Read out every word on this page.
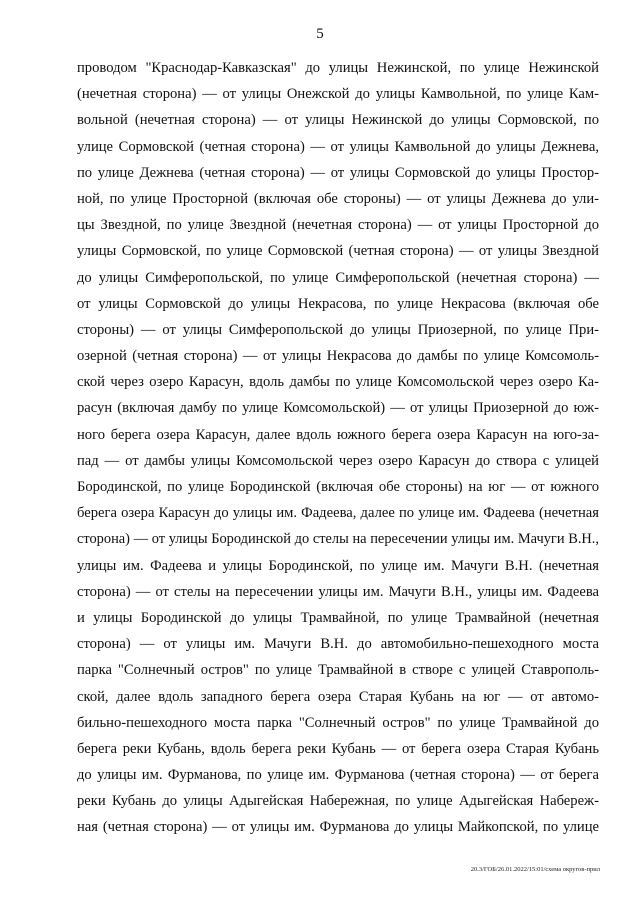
5
проводом "Краснодар-Кавказская" до улицы Нежинской, по улице Нежинской
(нечетная сторона) — от улицы Онежской до улицы Камвольной, по улице Кам-
вольной (нечетная сторона) — от улицы Нежинской до улицы Сормовской, по
улице Сормовской (четная сторона) — от улицы Камвольной до улицы Дежнева,
по улице Дежнева (четная сторона) — от улицы Сормовской до улицы Простор-
ной, по улице Просторной (включая обе стороны) — от улицы Дежнева до ули-
цы Звездной, по улице Звездной (нечетная сторона) — от улицы Просторной до
улицы Сормовской, по улице Сормовской (четная сторона) — от улицы Звездной
до улицы Симферопольской, по улице Симферопольской (нечетная сторона) —
от улицы Сормовской до улицы Некрасова, по улице Некрасова (включая обе
стороны) — от улицы Симферопольской до улицы Приозерной, по улице При-
озерной (четная сторона) — от улицы Некрасова до дамбы по улице Комсомоль-
ской через озеро Карасун, вдоль дамбы по улице Комсомольской через озеро Ка-
расун (включая дамбу по улице Комсомольской) — от улицы Приозерной до юж-
ного берега озера Карасун, далее вдоль южного берега озера Карасун на юго-за-
пад — от дамбы улицы Комсомольской через озеро Карасун до створа с улицей
Бородинской, по улице Бородинской (включая обе стороны) на юг — от южного
берега озера Карасун до улицы им. Фадеева, далее по улице им. Фадеева (нечетная
сторона) — от улицы Бородинской до стелы на пересечении улицы им. Мачуги В.Н.,
улицы им. Фадеева и улицы Бородинской, по улице им. Мачуги В.Н. (нечетная
сторона) — от стелы на пересечении улицы им. Мачуги В.Н., улицы им. Фадеева
и улицы Бородинской до улицы Трамвайной, по улице Трамвайной (нечетная
сторона) — от улицы им. Мачуги В.Н. до автомобильно-пешеходного моста
парка "Солнечный остров" по улице Трамвайной в створе с улицей Ставрополь-
ской, далее вдоль западного берега озера Старая Кубань на юг — от автомо-
бильно-пешеходного моста парка "Солнечный остров" по улице Трамвайной до
берега реки Кубань, вдоль берега реки Кубань — от берега озера Старая Кубань
до улицы им. Фурманова, по улице им. Фурманова (четная сторона) — от берега
реки Кубань до улицы Адыгейская Набережная, по улице Адыгейская Набереж-
ная (четная сторона) — от улицы им. Фурманова до улицы Майкопской, по улице
20.3/ГОБ/26.01.2022/15:01/схема округов-прил
